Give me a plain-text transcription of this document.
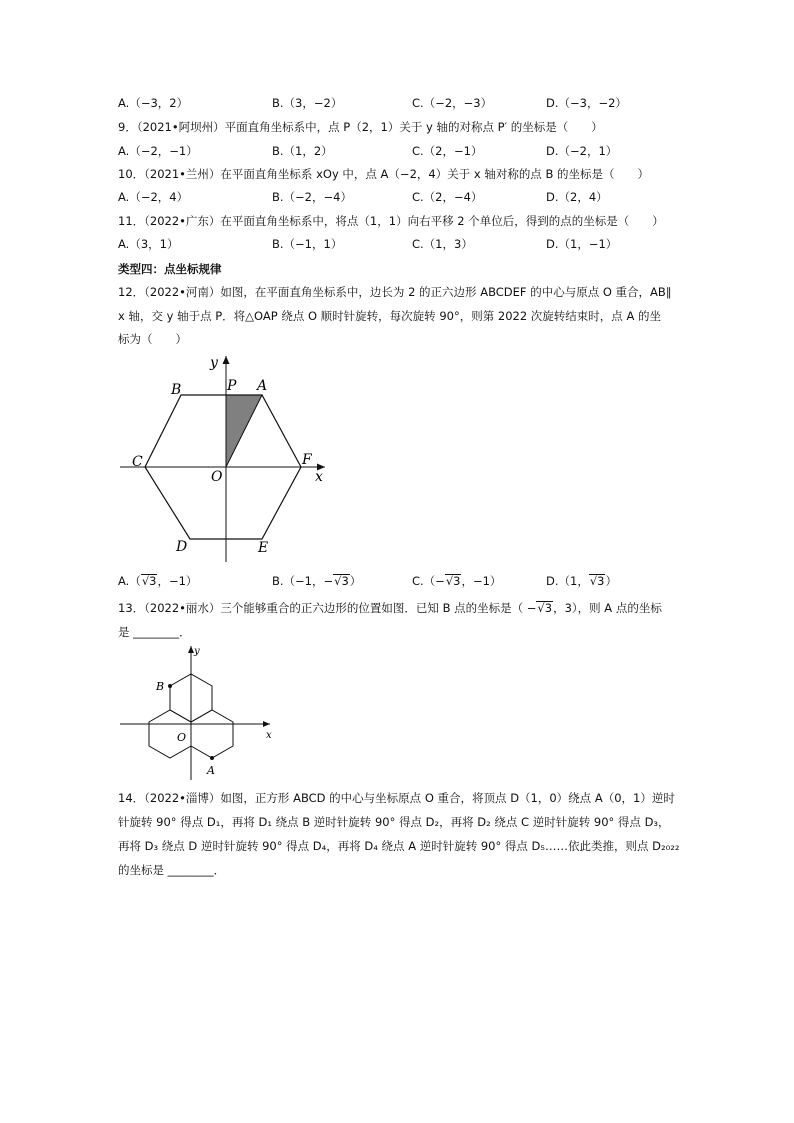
A.（−3，2）	B.（3，−2）	C.（−2，−3）	D.（−3，−2）
9．（2021•阿坝州）平面直角坐标系中，点 P（2，1）关于 y 轴的对称点 P′ 的坐标是（　　）
A.（−2，−1）	B.（1，2）	C.（2，−1）	D.（−2，1）
10．（2021•兰州）在平面直角坐标系 xOy 中，点 A（−2，4）关于 x 轴对称的点 B 的坐标是（　　）
A.（−2，4）	B.（−2，−4）	C.（2，−4）	D.（2，4）
11．（2022•广东）在平面直角坐标系中，将点（1，1）向右平移 2 个单位后，得到的点的坐标是（　　）
A.（3，1）	B.（−1，1）	C.（1，3）	D.（1，−1）
类型四：点坐标规律
12．（2022•河南）如图，在平面直角坐标系中，边长为 2 的正六边形 ABCDEF 的中心与原点 O 重合，AB∥
x 轴，交 y 轴于点 P．将△OAP 绕点 O 顺时针旋转，每次旋转 90°，则第 2022 次旋转结束时，点 A 的坐
标为（　　）
y
P A
B
C
O
F
x
D	E
A.（√3，−1）	B.（−1，−√3）	C.（−√3，−1）	D.（1，√3）
13．（2022•丽水）三个能够重合的正六边形的位置如图．已知 B 点的坐标是（ −√3，3），则 A 点的坐标
是 ________．
y
B
O	x
A
14．（2022•淄博）如图，正方形 ABCD 的中心与坐标原点 O 重合，将顶点 D（1，0）绕点 A（0，1）逆时
针旋转 90° 得点 D₁，再将 D₁ 绕点 B 逆时针旋转 90° 得点 D₂，再将 D₂ 绕点 C 逆时针旋转 90° 得点 D₃，
再将 D₃ 绕点 D 逆时针旋转 90° 得点 D₄，再将 D₄ 绕点 A 逆时针旋转 90° 得点 D₅……依此类推，则点 D₂₀₂₂
的坐标是 ________．
